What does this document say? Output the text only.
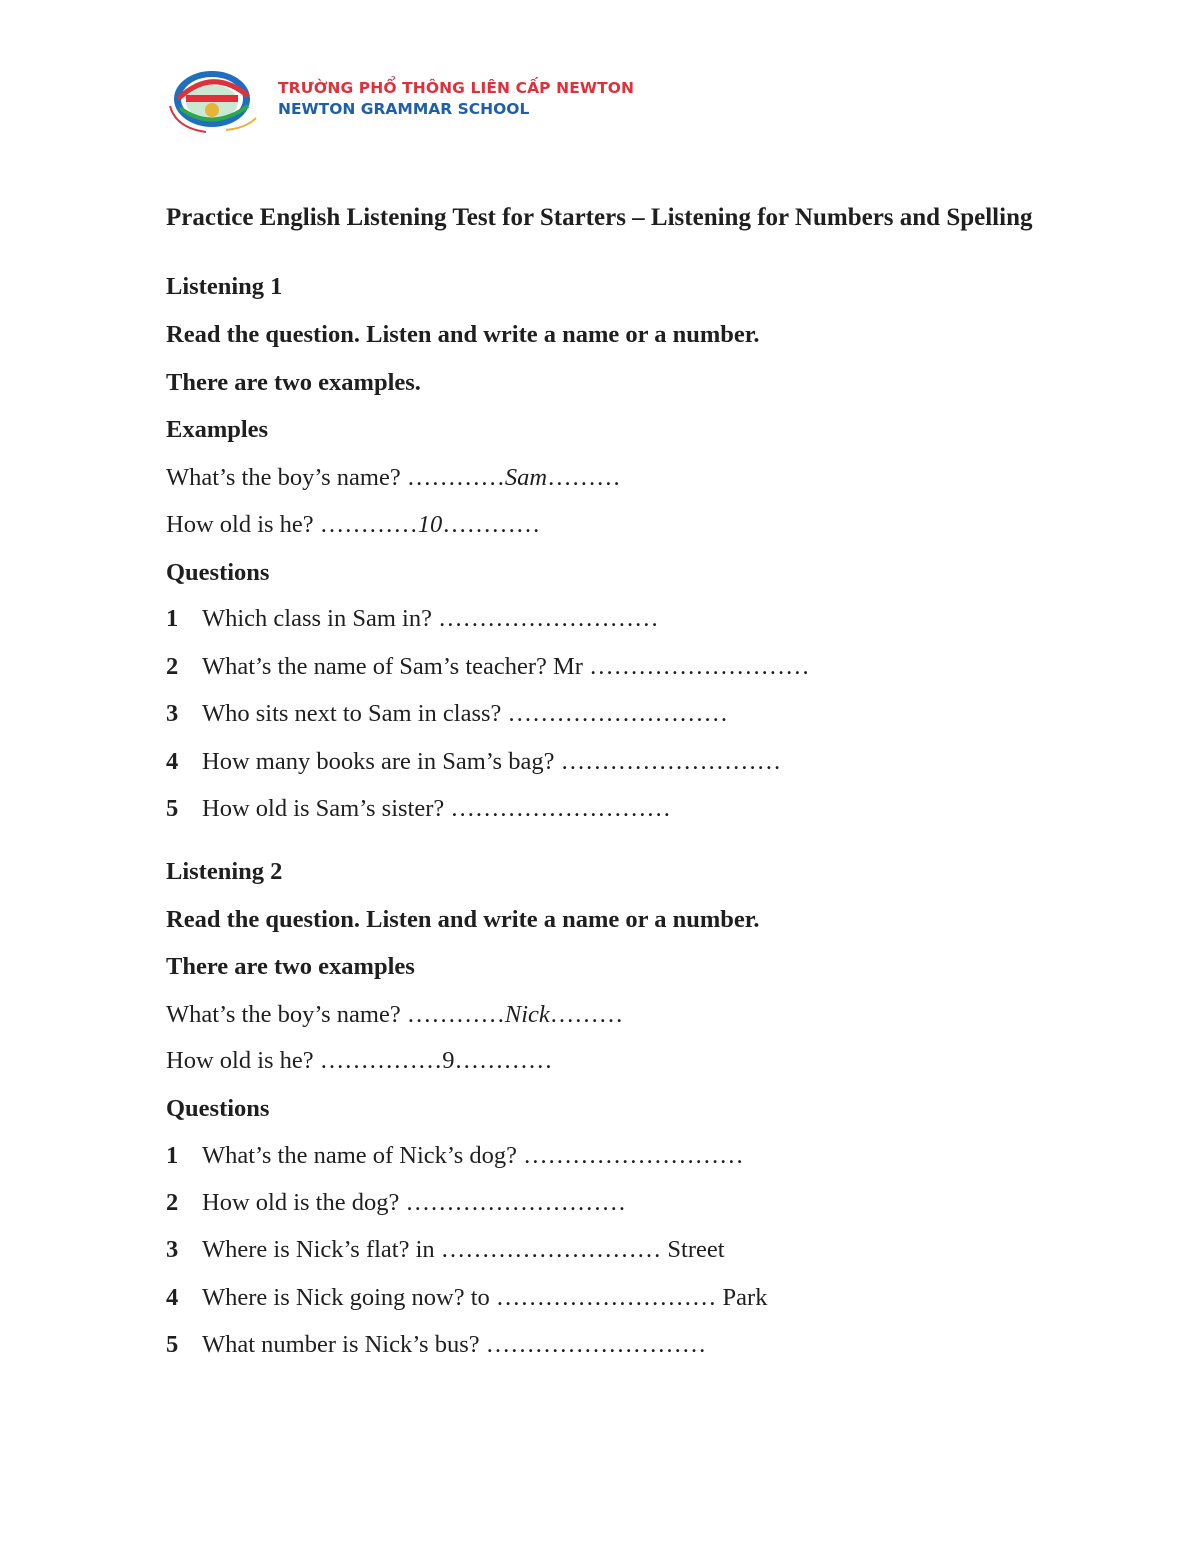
TRƯỜNG PHỔ THÔNG LIÊN CẤP NEWTON
NEWTON GRAMMAR SCHOOL
Practice English Listening Test for Starters – Listening for Numbers and Spelling
Listening 1
Read the question. Listen and write a name or a number.
There are two examples.
Examples
What’s the boy’s name? …………Sam………
How old is he? …………10…………
Questions
1 Which class in Sam in? ………………………
2 What’s the name of Sam’s teacher? Mr ………………………
3 Who sits next to Sam in class? ………………………
4 How many books are in Sam’s bag? ………………………
5 How old is Sam’s sister? ………………………
Listening 2
Read the question. Listen and write a name or a number.
There are two examples
What’s the boy’s name? …………Nick………
How old is he? ……………9…………
Questions
1 What’s the name of Nick’s dog? ………………………
2 How old is the dog? ………………………
3 Where is Nick’s flat? in ……………………… Street
4 Where is Nick going now? to ……………………… Park
5 What number is Nick’s bus? ………………………
